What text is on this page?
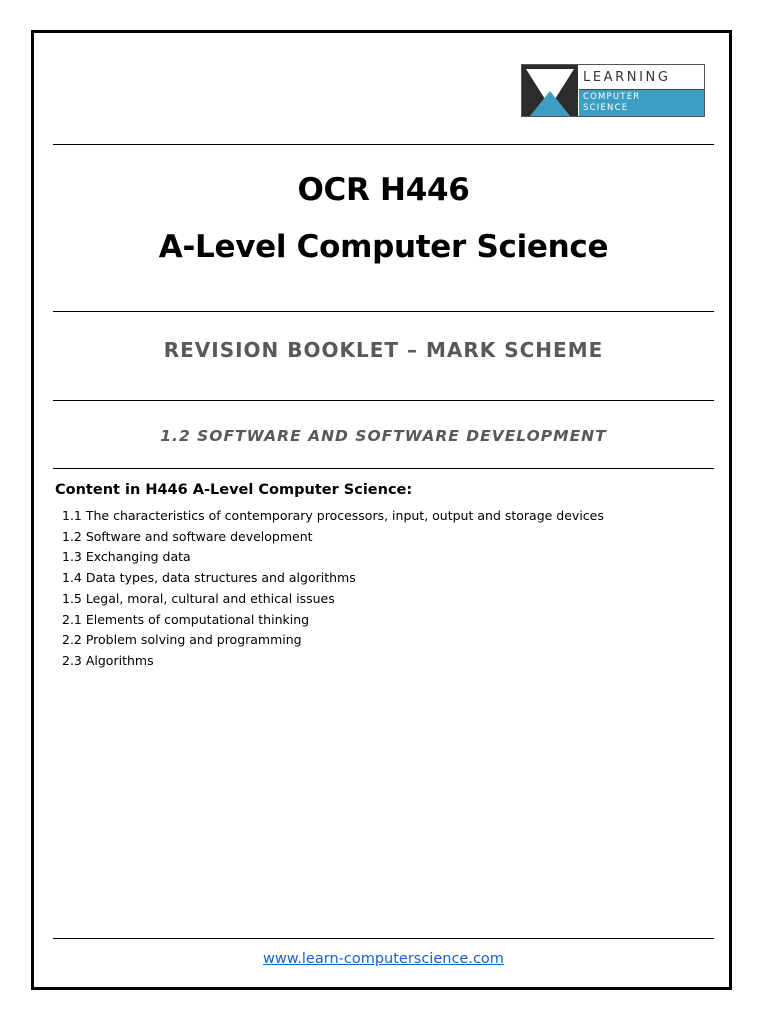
LEARNING
COMPUTER
SCIENCE
OCR H446
A-Level Computer Science
REVISION BOOKLET – MARK SCHEME
1.2 SOFTWARE AND SOFTWARE DEVELOPMENT
Content in H446 A-Level Computer Science:
1.1 The characteristics of contemporary processors, input, output and storage devices
1.2 Software and software development
1.3 Exchanging data
1.4 Data types, data structures and algorithms
1.5 Legal, moral, cultural and ethical issues
2.1 Elements of computational thinking
2.2 Problem solving and programming
2.3 Algorithms
www.learn-computerscience.com
